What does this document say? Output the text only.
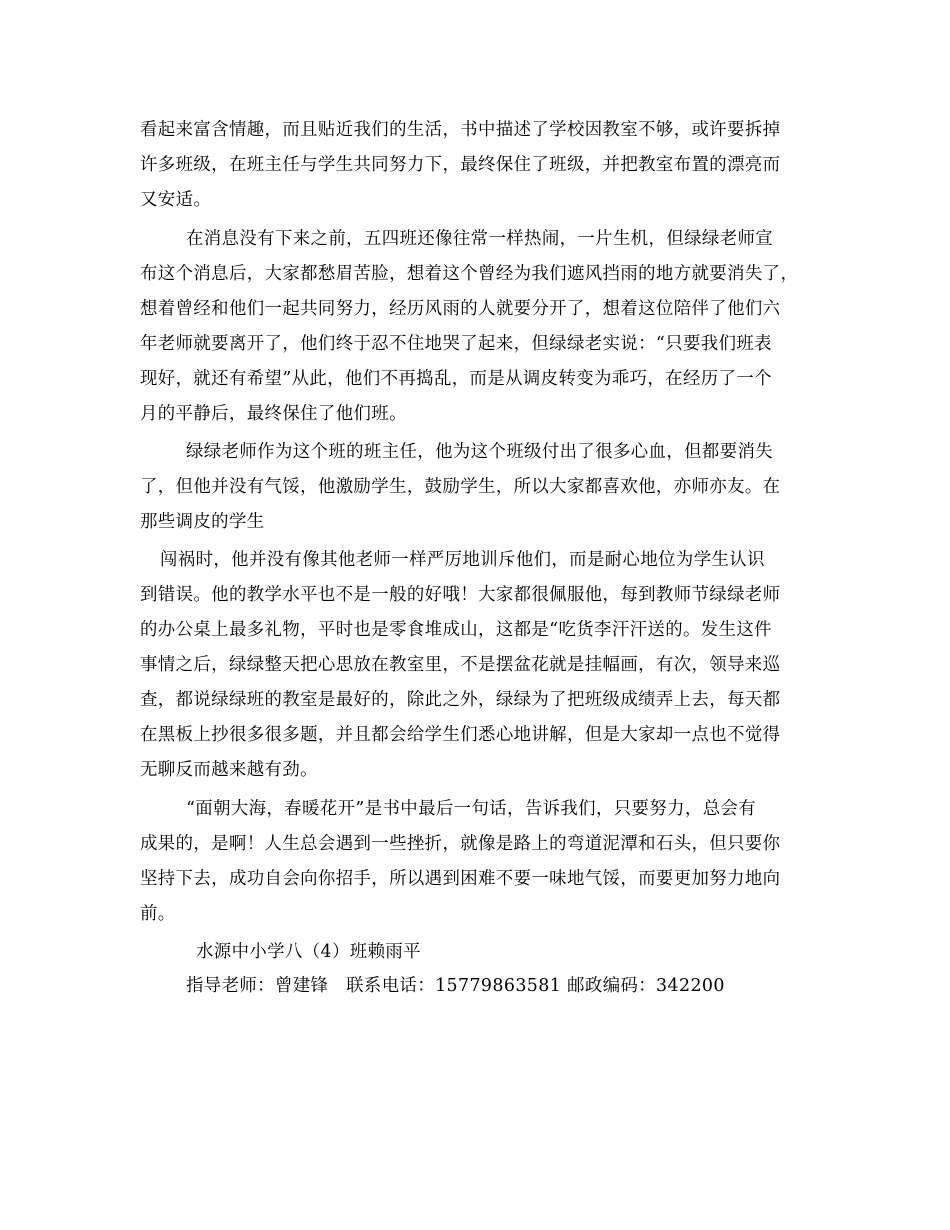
看起来富含情趣，而且贴近我们的生活，书中描述了学校因教室不够，或许要拆掉
许多班级，在班主任与学生共同努力下，最终保住了班级，并把教室布置的漂亮而
又安适。
在消息没有下来之前，五四班还像往常一样热闹，一片生机，但绿绿老师宣
布这个消息后，大家都愁眉苦脸，想着这个曾经为我们遮风挡雨的地方就要消失了，
想着曾经和他们一起共同努力，经历风雨的人就要分开了，想着这位陪伴了他们六
年老师就要离开了，他们终于忍不住地哭了起来，但绿绿老实说：“只要我们班表
现好，就还有希望”从此，他们不再捣乱，而是从调皮转变为乖巧，在经历了一个
月的平静后，最终保住了他们班。
绿绿老师作为这个班的班主任，他为这个班级付出了很多心血，但都要消失
了，但他并没有气馁，他激励学生，鼓励学生，所以大家都喜欢他，亦师亦友。在
那些调皮的学生
闯祸时，他并没有像其他老师一样严厉地训斥他们，而是耐心地位为学生认识
到错误。他的教学水平也不是一般的好哦！大家都很佩服他，每到教师节绿绿老师
的办公桌上最多礼物，平时也是零食堆成山，这都是“吃货李汗汗送的。发生这件
事情之后，绿绿整天把心思放在教室里，不是摆盆花就是挂幅画，有次，领导来巡
查，都说绿绿班的教室是最好的，除此之外，绿绿为了把班级成绩弄上去，每天都
在黑板上抄很多很多题，并且都会给学生们悉心地讲解，但是大家却一点也不觉得
无聊反而越来越有劲。
“面朝大海，春暖花开”是书中最后一句话，告诉我们，只要努力，总会有
成果的，是啊！人生总会遇到一些挫折，就像是路上的弯道泥潭和石头，但只要你
坚持下去，成功自会向你招手，所以遇到困难不要一味地气馁，而要更加努力地向
前。
水源中小学八（4）班赖雨平
指导老师：曾建锋　联系电话：15779863581 邮政编码：342200
